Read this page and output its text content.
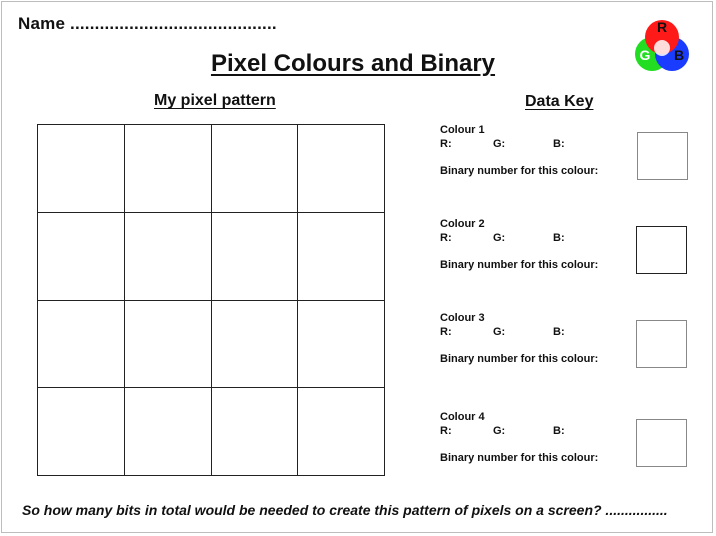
Name ..........................................
Pixel Colours and Binary
R
G B
My pixel pattern	Data Key
Colour 1
R:	G:	B:
Binary number for this colour:
Colour 2
R:	G:	B:
Binary number for this colour:
Colour 3
R:	G:	B:
Binary number for this colour:
Colour 4
R:	G:	B:
Binary number for this colour:
So how many bits in total would be needed to create this pattern of pixels on a screen? ................
